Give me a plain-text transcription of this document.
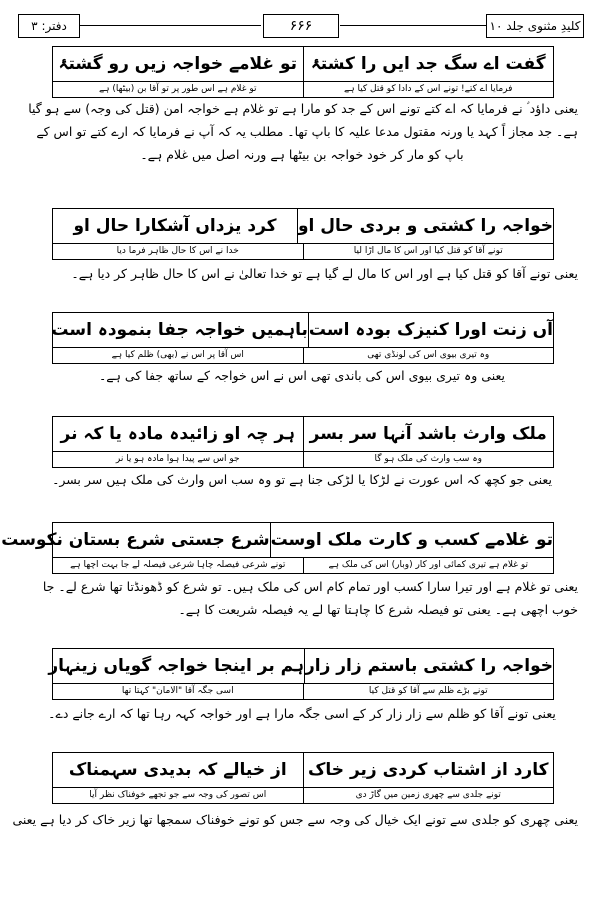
کلیدِ مثنوی جلد ۱۰
۶۶۶
دفتر: ۳
گفت اے سگ جد ایں را کشتۂ
تو غلامے خواجہ زیں رو گشتۂ
فرمایا اے کتے! تونے اس کے دادا کو قتل کیا ہے
تو غلام ہے اس طور پر تو آقا بن (بیٹھا) ہے
یعنی داؤد ؑ نے فرمایا کہ اے کتے تونے اس کے جد کو مارا ہے تو غلام ہے خواجہ امن (قتل کی وجہ) سے ہو گیا
ہے۔ جد مجاز اً کہد یا ورنہ مقتول مدعا علیہ کا باپ تھا۔ مطلب یہ کہ آپ نے فرمایا کہ ارے کتے تو اس کے
باپ کو مار کر خود خواجہ بن بیٹھا ہے ورنہ اصل میں غلام ہے۔
خواجہ را کشتی و بردی حال او
کرد یزداں آشکارا حال او
تونے آقا کو قتل کیا اور اس کا مال اڑا لیا
خدا نے اس کا حال ظاہر فرما دیا
یعنی تونے آقا کو قتل کیا ہے اور اس کا مال لے گیا ہے تو خدا تعالیٰ نے اس کا حال ظاہر کر دیا ہے۔
آں زنت اورا کنیزک بودہ است
باہمیں خواجہ جفا بنمودہ است
وہ تیری بیوی اس کی لونڈی تھی
اس آقا پر اس نے (بھی) ظلم کیا ہے
یعنی وہ تیری بیوی اس کی باندی تھی اس نے اس خواجہ کے ساتھ جفا کی ہے۔
ملک وارث باشد آنہا سر بسر
ہر چہ او زائیدہ مادہ یا کہ نر
وہ سب وارث کی ملک ہو گا
جو اس سے پیدا ہوا مادہ ہو یا نر
یعنی جو کچھ کہ اس عورت نے لڑکا یا لڑکی جنا ہے تو وہ سب اس وارث کی ملک ہیں سر بسر۔
تو غلامے کسب و کارت ملک اوست
شرع جستی شرع بستان نکوست
تو غلام ہے تیری کمائی اور کار (وبار) اس کی ملک ہے
تونے شرعی فیصلہ چاہا شرعی فیصلہ لے جا بہت اچھا ہے
یعنی تو غلام ہے اور تیرا سارا کسب اور تمام کام اس کی ملک ہیں۔ تو شرع کو ڈھونڈتا تھا شرع لے۔ جا
خوب اچھی ہے۔ یعنی تو فیصلہ شرع کا چاہتا تھا لے یہ فیصلہ شریعت کا ہے۔
خواجہ را کشتی باستم زار زار
ہم بر اینجا خواجہ گویاں زینہار
تونے بڑے ظلم سے آقا کو قتل کیا
اسی جگہ آقا "الامان" کہتا تھا
یعنی تونے آقا کو ظلم سے زار زار کر کے اسی جگہ مارا ہے اور خواجہ کہہ رہا تھا کہ ارے جانے دے۔
کارد از اشتاب کردی زیر خاک
از خیالے کہ بدیدی سہمناک
تونے جلدی سے چھری زمین میں گاڑ دی
اس تصور کی وجہ سے جو تجھے خوفناک نظر آیا
یعنی چھری کو جلدی سے تونے ایک خیال کی وجہ سے جس کو تونے خوفناک سمجھا تھا زیر خاک کر دیا ہے یعنی
